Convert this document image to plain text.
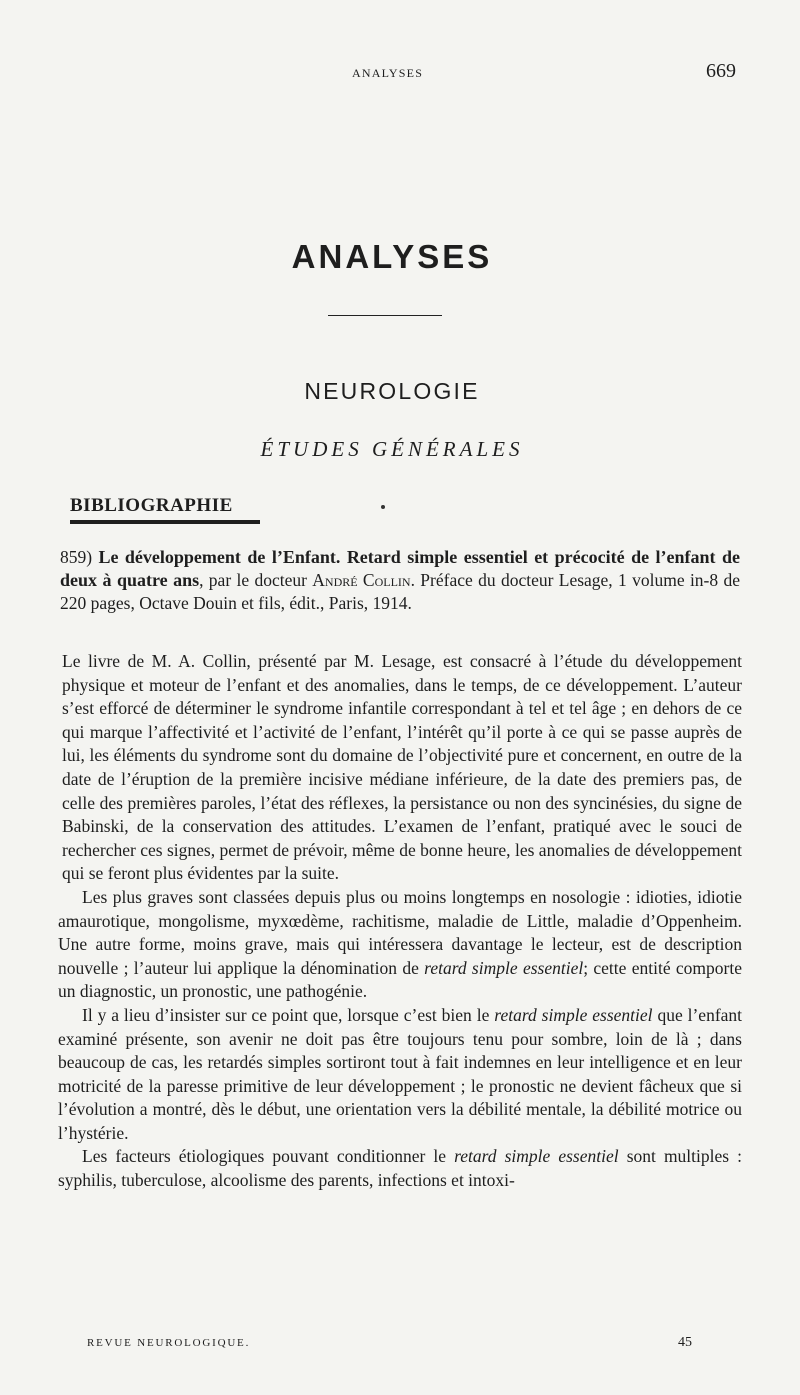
ANALYSES	669
ANALYSES
NEUROLOGIE
ÉTUDES GÉNÉRALES
BIBLIOGRAPHIE
859) Le développement de l’Enfant. Retard simple essentiel et précocité de l’enfant de deux à quatre ans, par le docteur André Collin. Préface du docteur Lesage, 1 volume in-8 de 220 pages, Octave Douin et fils, édit., Paris, 1914.

Le livre de M. A. Collin, présenté par M. Lesage, est consacré à l’étude du développement physique et moteur de l’enfant et des anomalies, dans le temps, de ce développement. L’auteur s’est efforcé de déterminer le syndrome infantile correspondant à tel et tel âge ; en dehors de ce qui marque l’affectivité et l’activité de l’enfant, l’intérêt qu’il porte à ce qui se passe auprès de lui, les éléments du syndrome sont du domaine de l’objectivité pure et concernent, en outre de la date de l’éruption de la première incisive médiane inférieure, de la date des premiers pas, de celle des premières paroles, l’état des réflexes, la persistance ou non des syncinésies, du signe de Babinski, de la conservation des attitudes. L’examen de l’enfant, pratiqué avec le souci de rechercher ces signes, permet de prévoir, même de bonne heure, les anomalies de développement qui se feront plus évidentes par la suite.

Les plus graves sont classées depuis plus ou moins longtemps en nosologie : idioties, idiotie amaurotique, mongolisme, myxœdème, rachitisme, maladie de Little, maladie d’Oppenheim. Une autre forme, moins grave, mais qui intéressera davantage le lecteur, est de description nouvelle ; l’auteur lui applique la dénomination de retard simple essentiel; cette entité comporte un diagnostic, un pronostic, une pathogénie.

Il y a lieu d’insister sur ce point que, lorsque c’est bien le retard simple essentiel que l’enfant examiné présente, son avenir ne doit pas être toujours tenu pour sombre, loin de là ; dans beaucoup de cas, les retardés simples sortiront tout à fait indemnes en leur intelligence et en leur motricité de la paresse primitive de leur développement ; le pronostic ne devient fâcheux que si l’évolution a montré, dès le début, une orientation vers la débilité mentale, la débilité motrice ou l’hystérie.

Les facteurs étiologiques pouvant conditionner le retard simple essentiel sont multiples : syphilis, tuberculose, alcoolisme des parents, infections et intoxi-

REVUE NEUROLOGIQUE.	45
